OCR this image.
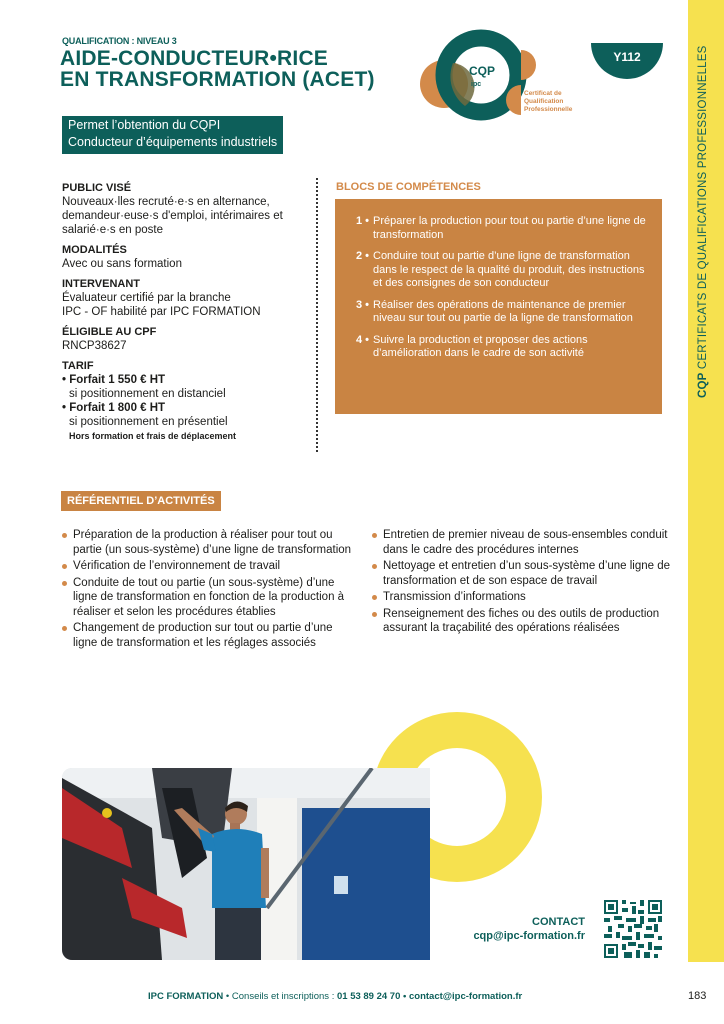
CQP CERTIFICATS DE QUALIFICATIONS PROFESSIONNELLES
QUALIFICATION : NIVEAU 3
AIDE-CONDUCTEUR•RICE
EN TRANSFORMATION (ACET)	CQP
ipc
Certificat de
Qualification
Professionnelle
Y112
Permet l’obtention du CQPI
Conducteur d’équipements industriels
PUBLIC VISÉ
Nouveaux·lles recruté·e·s en alternance, demandeur·euse·s d'emploi, intérimaires et salarié·e·s en poste
MODALITÉS
Avec ou sans formation
INTERVENANT
Évaluateur certifié par la branche
IPC - OF habilité par IPC FORMATION
ÉLIGIBLE AU CPF
RNCP38627
TARIF
• Forfait 1 550 € HT
si positionnement en distanciel
• Forfait 1 800 € HT
si positionnement en présentiel
Hors formation et frais de déplacement
BLOCS DE COMPÉTENCES
1 • Préparer la production pour tout ou partie d’une ligne de transformation
2 • Conduire tout ou partie d’une ligne de transformation dans le respect de la qualité du produit, des instructions et des consignes de son conducteur
3 • Réaliser des opérations de maintenance de premier niveau sur tout ou partie de la ligne de transformation
4 • Suivre la production et proposer des actions d’amélioration dans le cadre de son activité
RÉFÉRENTIEL D’ACTIVITÉS
Préparation de la production à réaliser pour tout ou partie (un sous-système) d’une ligne de transformation
Vérification de l’environnement de travail
Conduite de tout ou partie (un sous-système) d’une ligne de transformation en fonction de la production à réaliser et selon les procédures établies
Changement de production sur tout ou partie d’une ligne de transformation et les réglages associés
Entretien de premier niveau de sous-ensembles conduit dans le cadre des procédures internes
Nettoyage et entretien d’un sous-système d’une ligne de transformation et de son espace de travail
Transmission d’informations
Renseignement des fiches ou des outils de production assurant la traçabilité des opérations réalisées
CONTACT
cqp@ipc-formation.fr
IPC FORMATION • Conseils et inscriptions : 01 53 89 24 70 • contact@ipc-formation.fr	183
